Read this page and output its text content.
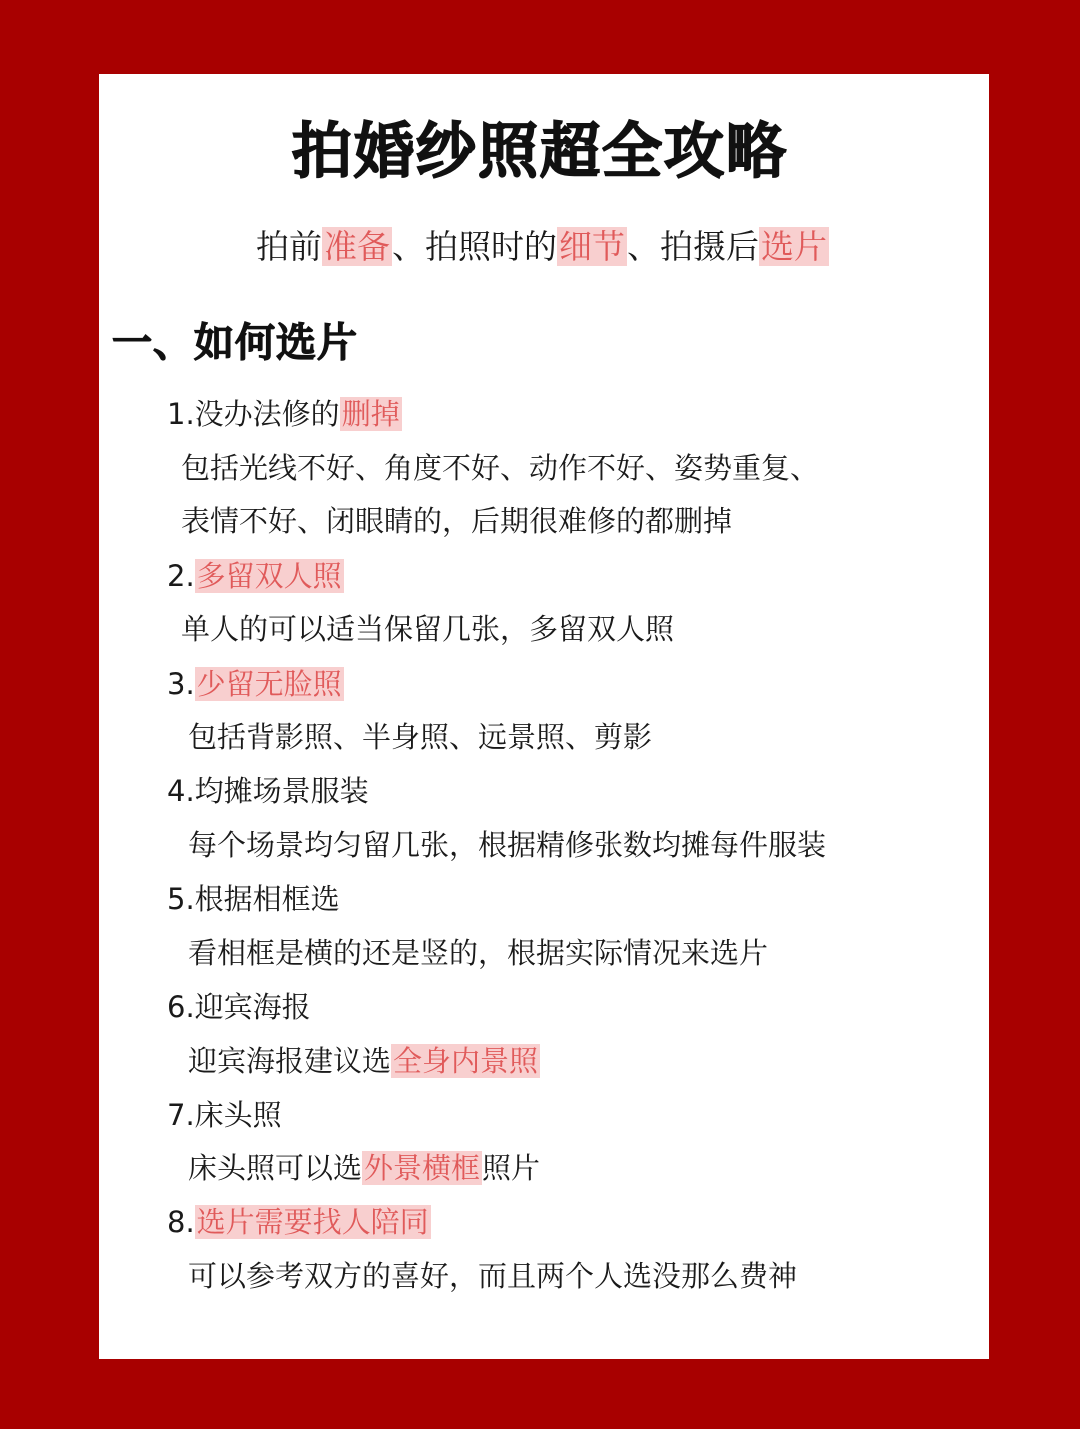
拍婚纱照超全攻略
拍前准备、拍照时的细节、拍摄后选片
一、如何选片
1.没办法修的删掉
包括光线不好、角度不好、动作不好、姿势重复、
表情不好、闭眼睛的，后期很难修的都删掉
2.多留双人照
单人的可以适当保留几张，多留双人照
3.少留无脸照
包括背影照、半身照、远景照、剪影
4.均摊场景服装
每个场景均匀留几张，根据精修张数均摊每件服装
5.根据相框选
看相框是横的还是竖的，根据实际情况来选片
6.迎宾海报
迎宾海报建议选全身内景照
7.床头照
床头照可以选外景横框照片
8.选片需要找人陪同
可以参考双方的喜好，而且两个人选没那么费神
